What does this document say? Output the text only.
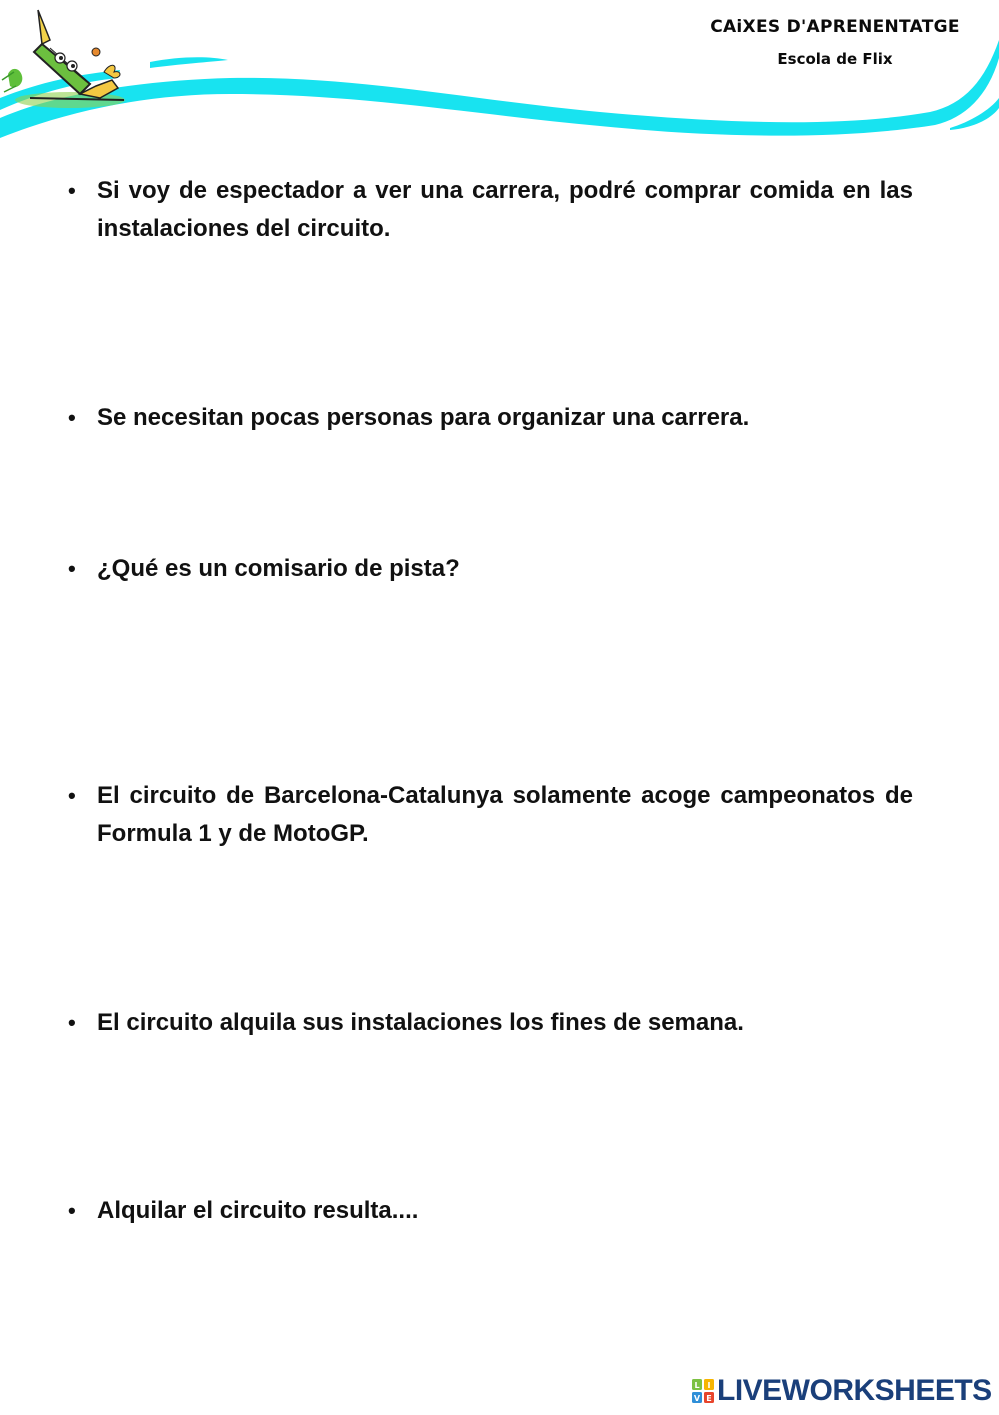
CAiXES D'APRENENTATGE
Escola de Flix
• Si voy de espectador a ver una carrera, podré comprar comida en las instalaciones del circuito.
• Se necesitan pocas personas para organizar una carrera.
• ¿Qué es un comisario de pista?
• El circuito de Barcelona-Catalunya solamente acoge campeonatos de Formula 1 y de MotoGP.
• El circuito alquila sus instalaciones los fines de semana.
• Alquilar el circuito resulta....
L I
V E LIVEWORKSHEETS
